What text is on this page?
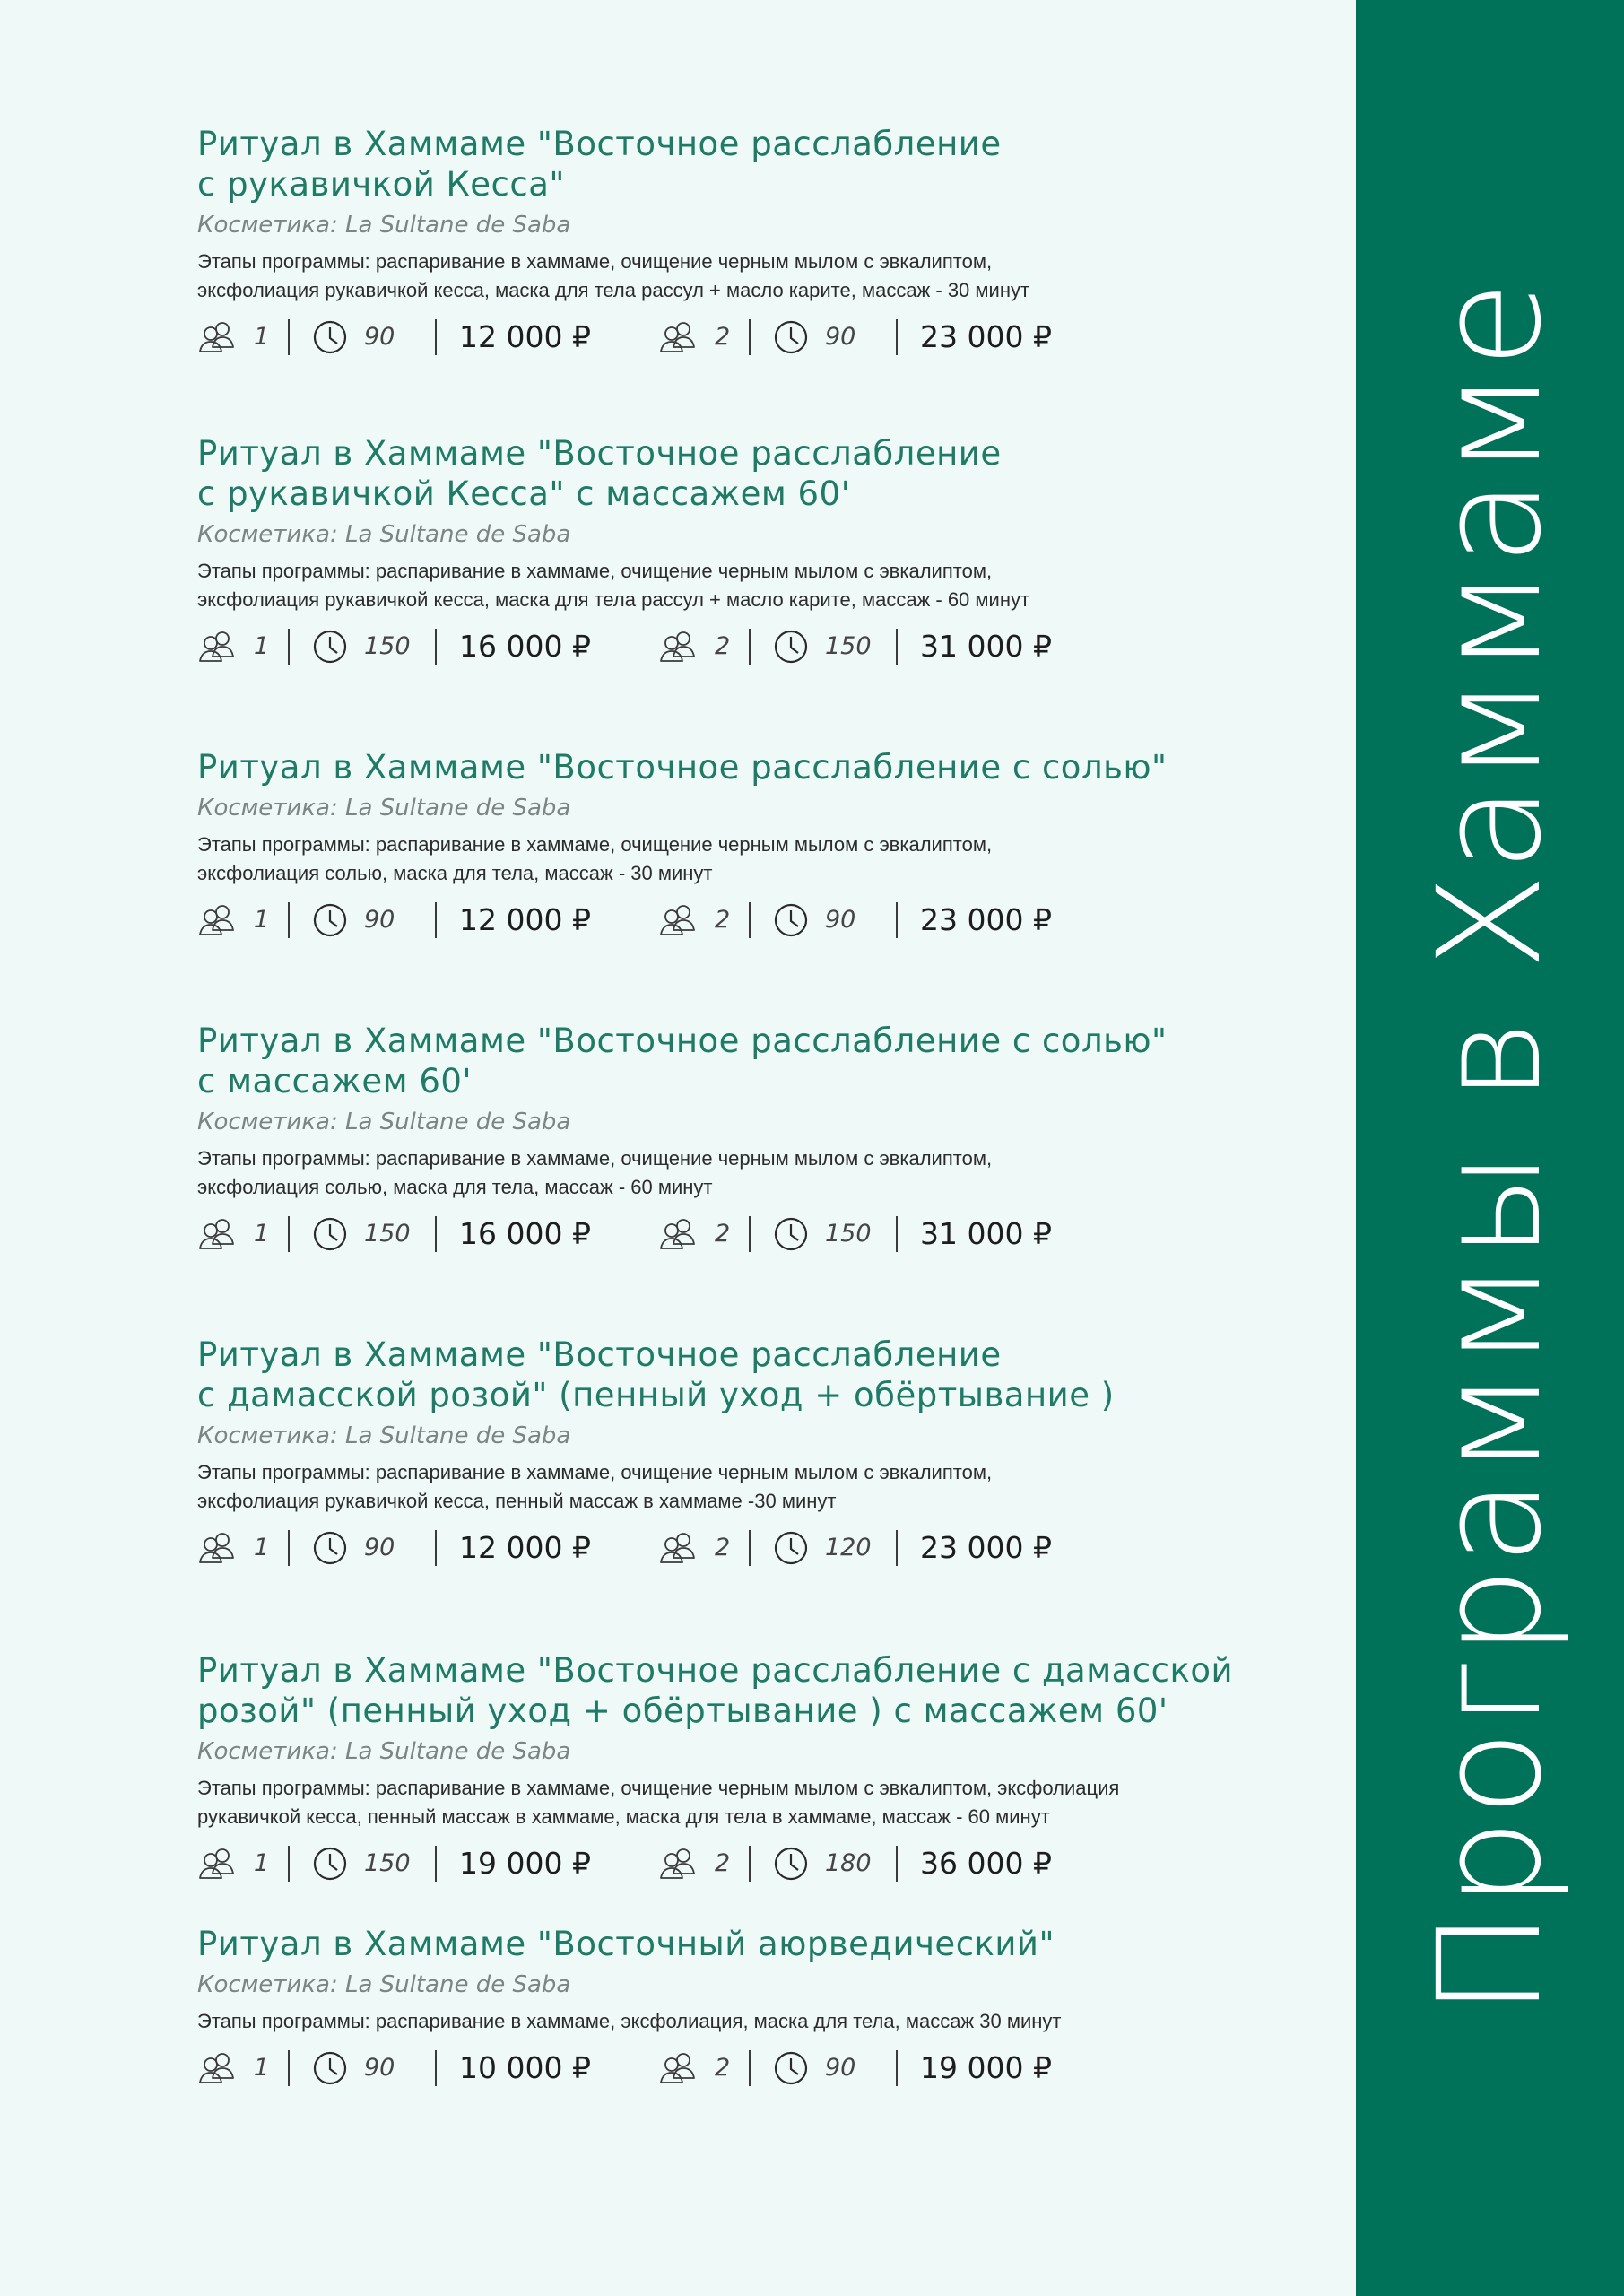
Ритуал в Хаммаме "Восточное расслабление
с рукавичкой Кесса"
Косметика: La Sultane de Saba
Этапы программы: распаривание в хаммаме, очищение черным мылом с эвкалиптом,
эксфолиация рукавичкой кесса, маска для тела рассул + масло карите, массаж - 30 минут
1	90 12 000 ₽	2	90 23 000 ₽
Ритуал в Хаммаме "Восточное расслабление
с рукавичкой Кесса" с массажем 60'
Косметика: La Sultane de Saba
Этапы программы: распаривание в хаммаме, очищение черным мылом с эвкалиптом,
эксфолиация рукавичкой кесса, маска для тела рассул + масло карите, массаж - 60 минут
1	150 16 000 ₽	2	150 31 000 ₽
Ритуал в Хаммаме "Восточное расслабление с солью"
Косметика: La Sultane de Saba
Этапы программы: распаривание в хаммаме, очищение черным мылом с эвкалиптом,
эксфолиация солью, маска для тела, массаж - 30 минут
1	90 12 000 ₽	2	90 23 000 ₽
Ритуал в Хаммаме "Восточное расслабление с солью"
с массажем 60'
Косметика: La Sultane de Saba
Этапы программы: распаривание в хаммаме, очищение черным мылом с эвкалиптом,
эксфолиация солью, маска для тела, массаж - 60 минут
1	150 16 000 ₽	2	150 31 000 ₽
Ритуал в Хаммаме "Восточное расслабление
с дамасской розой" (пенный уход + обёртывание )
Косметика: La Sultane de Saba
Этапы программы: распаривание в хаммаме, очищение черным мылом с эвкалиптом,
эксфолиация рукавичкой кесса, пенный массаж в хаммаме -30 минут
1	90 12 000 ₽	2	120 23 000 ₽
Ритуал в Хаммаме "Восточное расслабление с дамасской
розой" (пенный уход + обёртывание ) с массажем 60'
Косметика: La Sultane de Saba
Этапы программы: распаривание в хаммаме, очищение черным мылом с эвкалиптом, эксфолиация
рукавичкой кесса, пенный массаж в хаммаме, маска для тела в хаммаме, массаж - 60 минут
1	150 19 000 ₽	2	180 36 000 ₽
Ритуал в Хаммаме "Восточный аюрведический"
Косметика: La Sultane de Saba
Этапы программы: распаривание в хаммаме, эксфолиация, маска для тела, массаж 30 минут
1	90 10 000 ₽	2	90 19 000 ₽
Программы в Хаммаме
